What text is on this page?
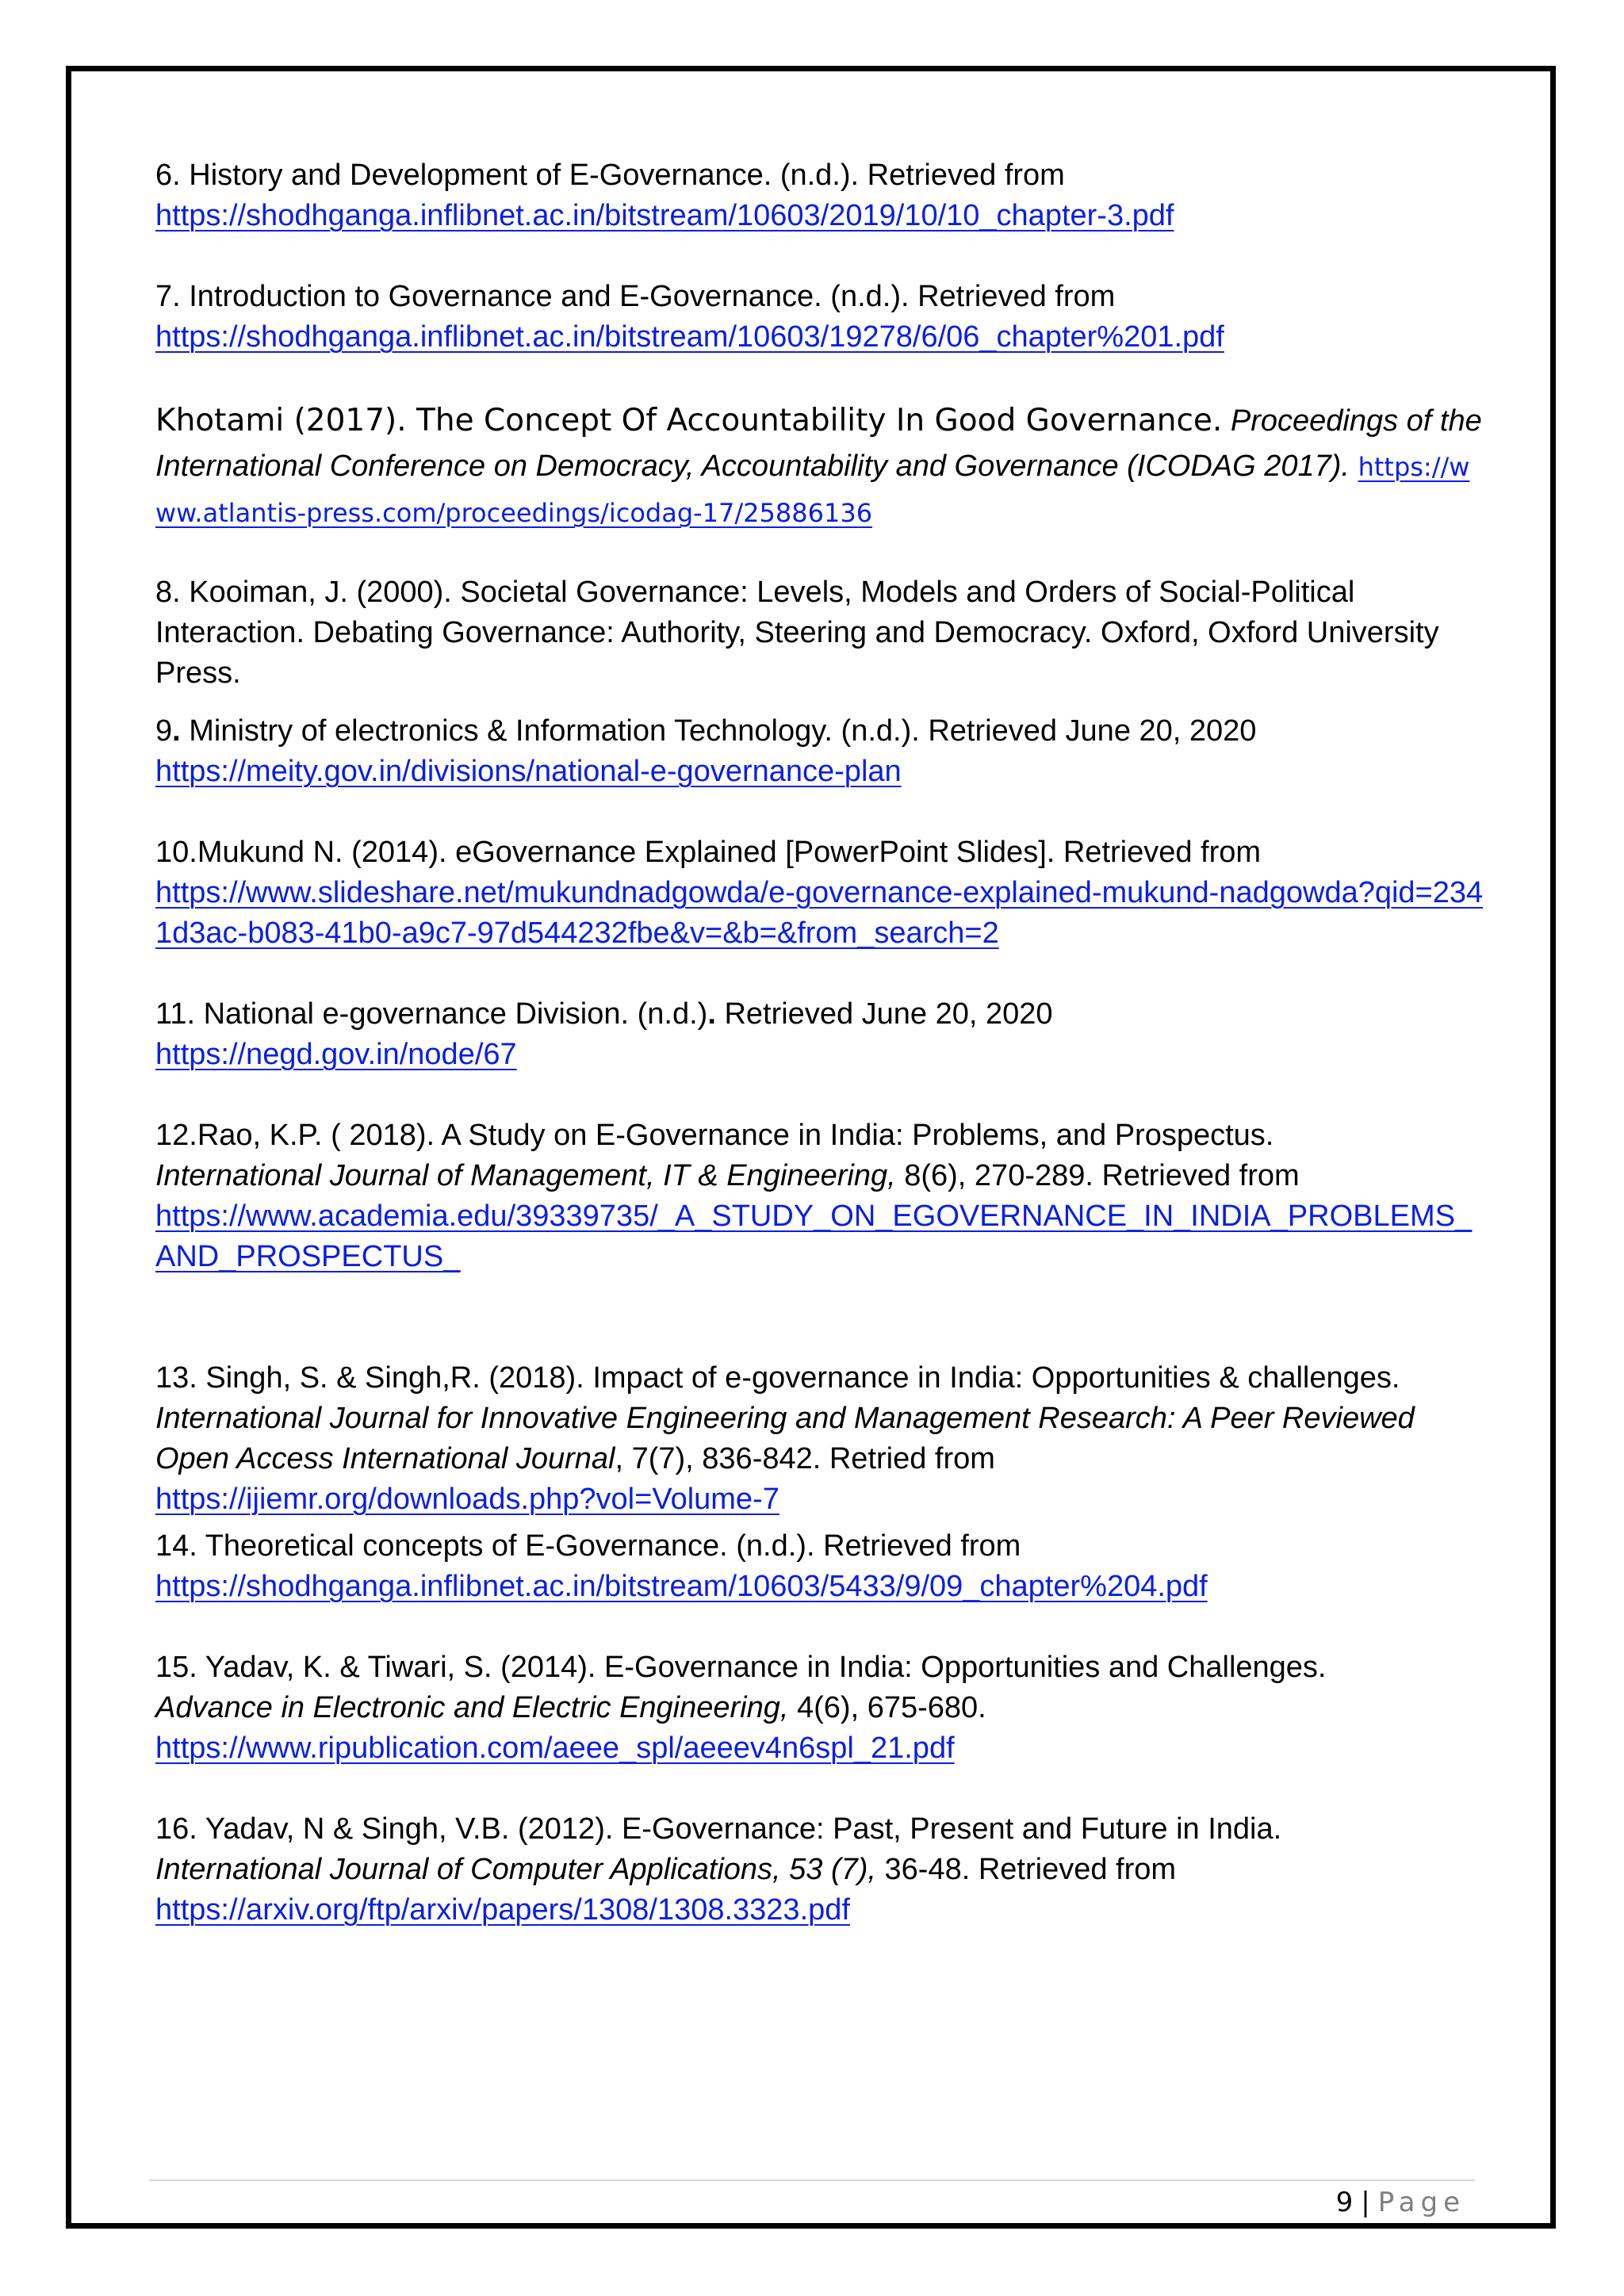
6. History and Development of E-Governance. (n.d.). Retrieved from
https://shodhganga.inflibnet.ac.in/bitstream/10603/2019/10/10_chapter-3.pdf

7. Introduction to Governance and E-Governance. (n.d.). Retrieved from
https://shodhganga.inflibnet.ac.in/bitstream/10603/19278/6/06_chapter%201.pdf

Khotami (2017). The Concept Of Accountability In Good Governance. Proceedings of the International Conference on Democracy, Accountability and Governance (ICODAG 2017). https://www.atlantis-press.com/proceedings/icodag-17/25886136

8. Kooiman, J. (2000). Societal Governance: Levels, Models and Orders of Social-Political Interaction. Debating Governance: Authority, Steering and Democracy. Oxford, Oxford University Press.

9. Ministry of electronics & Information Technology. (n.d.). Retrieved June 20, 2020
https://meity.gov.in/divisions/national-e-governance-plan

10.Mukund N. (2014). eGovernance Explained [PowerPoint Slides]. Retrieved from
https://www.slideshare.net/mukundnadgowda/e-governance-explained-mukund-nadgowda?qid=2341d3ac-b083-41b0-a9c7-97d544232fbe&v=&b=&from_search=2

11. National e-governance Division. (n.d.). Retrieved June 20, 2020
https://negd.gov.in/node/67

12.Rao, K.P. ( 2018). A Study on E-Governance in India: Problems, and Prospectus.
International Journal of Management, IT & Engineering, 8(6), 270-289. Retrieved from
https://www.academia.edu/39339735/_A_STUDY_ON_EGOVERNANCE_IN_INDIA_PROBLEMS_AND_PROSPECTUS_

13. Singh, S. & Singh,R. (2018). Impact of e-governance in India: Opportunities & challenges. International Journal for Innovative Engineering and Management Research: A Peer Reviewed Open Access International Journal, 7(7), 836-842. Retried from
https://ijiemr.org/downloads.php?vol=Volume-7

14. Theoretical concepts of E-Governance. (n.d.). Retrieved from
https://shodhganga.inflibnet.ac.in/bitstream/10603/5433/9/09_chapter%204.pdf

15. Yadav, K. & Tiwari, S. (2014). E-Governance in India: Opportunities and Challenges.
Advance in Electronic and Electric Engineering, 4(6), 675-680.
https://www.ripublication.com/aeee_spl/aeeev4n6spl_21.pdf

16. Yadav, N & Singh, V.B. (2012). E-Governance: Past, Present and Future in India.
International Journal of Computer Applications, 53 (7), 36-48. Retrieved from
https://arxiv.org/ftp/arxiv/papers/1308/1308.3323.pdf

9 | Page
